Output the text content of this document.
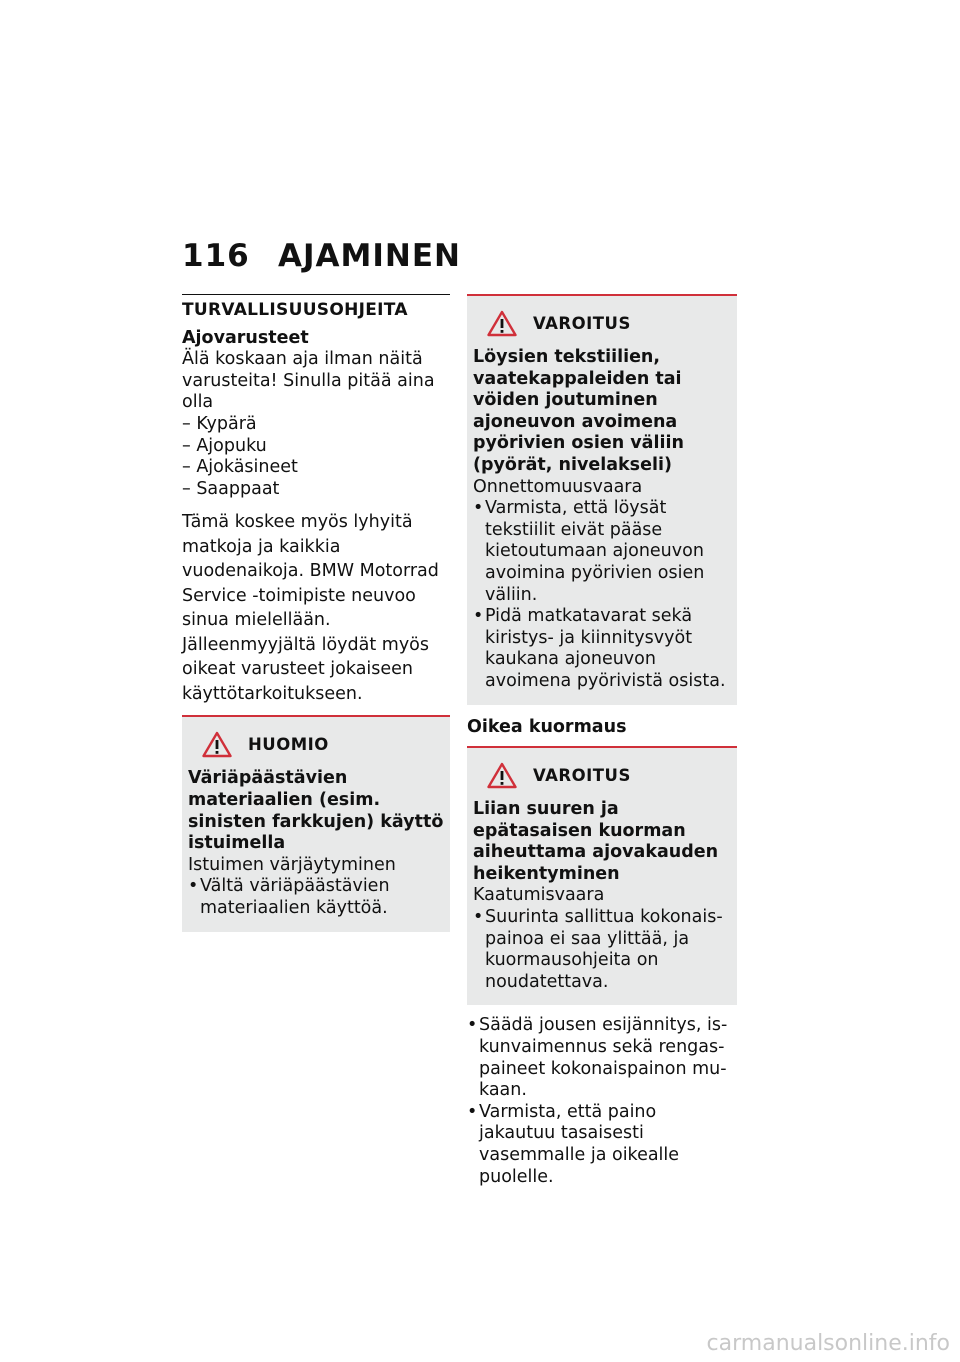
116 AJAMINEN
TURVALLISUUSOHJEITA
Ajovarusteet

Älä koskaan aja ilman näitä varusteita! Sinulla pitää aina olla

– Kypärä
– Ajopuku
– Ajokäsineet
– Saappaat

Tämä koskee myös lyhyitä matkoja ja kaikkia vuodenaikoja. BMW Motorrad Service -toimipiste neuvoo sinua mielellään. Jälleenmyyjältä löydät myös oikeat varusteet jokaiseen käyttötarkoitukseen.

HUOMIO

Väriäpäästävien materiaalien (esim. sinisten farkkujen) käyttö istuimella

Istuimen värjäytyminen

• Vältä väriäpäästävien materiaalien käyttöä.
VAROITUS

Löysien tekstiilien, vaatekappaleiden tai vöiden joutuminen ajoneuvon avoimena pyörivien osien väliin (pyörät, nivelakseli)

Onnettomuusvaara

• Varmista, että löysät tekstiilit eivät pääse kietoutumaan ajoneuvon avoimina pyörivien osien väliin.
• Pidä matkatavarat sekä kiristys- ja kiinnitysvyöt kaukana ajoneuvon avoimena pyörivistä osista.
Oikea kuormaus
VAROITUS

Liian suuren ja epätasaisen kuorman aiheuttama ajovakauden heikentyminen

Kaatumisvaara

• Suurinta sallittua kokonaispainoa ei saa ylittää, ja kuormausohjeita on noudatettava.
• Säädä jousen esijännitys, iskunvaimennus sekä rengaspaineet kokonaispainon mukaan.
• Varmista, että paino jakautuu tasaisesti vasemmalle ja oikealle puolelle.
carmanualsonline.info
